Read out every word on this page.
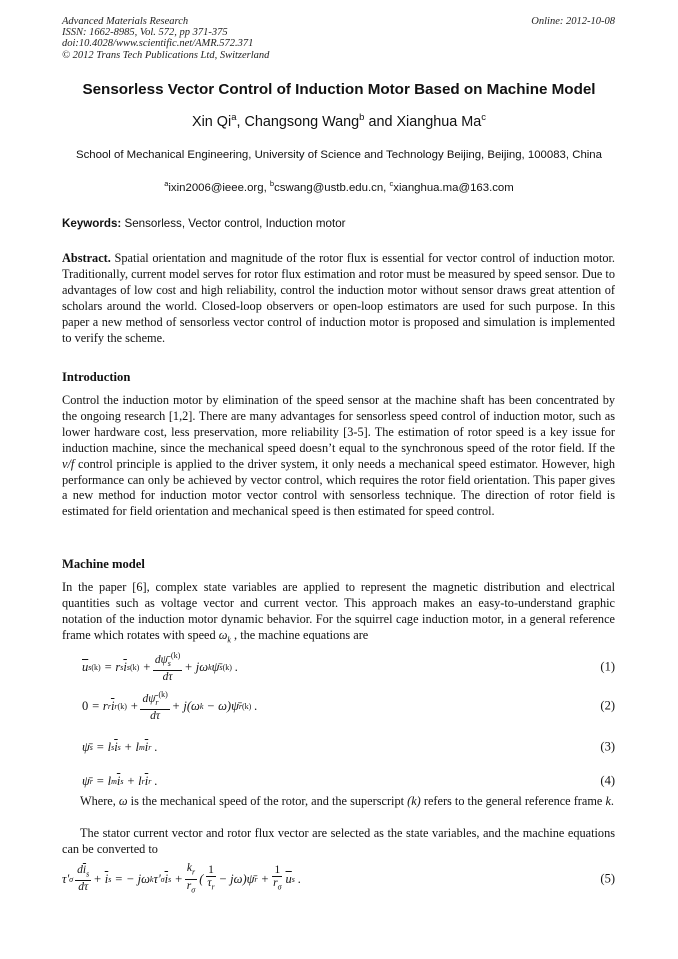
Advanced Materials Research
ISSN: 1662-8985, Vol. 572, pp 371-375
doi:10.4028/www.scientific.net/AMR.572.371
© 2012 Trans Tech Publications Ltd, Switzerland
Online: 2012-10-08
Sensorless Vector Control of Induction Motor Based on Machine Model
Xin Qi$^a$, Changsong Wang$^b$ and Xianghua Ma$^c$
School of Mechanical Engineering, University of Science and Technology Beijing, Beijing, 100083, China
$^a$ixin2006@ieee.org, $^b$cswang@ustb.edu.cn, $^c$xianghua.ma@163.com
Keywords: Sensorless, Vector control, Induction motor
Abstract. Spatial orientation and magnitude of the rotor flux is essential for vector control of induction motor. Traditionally, current model serves for rotor flux estimation and rotor must be measured by speed sensor. Due to advantages of low cost and high reliability, control the induction motor without sensor draws great attention of scholars around the world. Closed-loop observers or open-loop estimators are used for such purpose. In this paper a new method of sensorless vector control of induction motor is proposed and simulation is implemented to verify the scheme.
Introduction
Control the induction motor by elimination of the speed sensor at the machine shaft has been concentrated by the ongoing research [1,2]. There are many advantages for sensorless speed control of induction motor, such as lower hardware cost, less preservation, more reliability [3-5]. The estimation of rotor speed is a key issue for induction machine, since the mechanical speed doesn’t equal to the synchronous speed of the rotor field. If the v/f control principle is applied to the driver system, it only needs a mechanical speed estimator. However, high performance can only be achieved by vector control, which requires the rotor field orientation. This paper gives a new method for induction motor vector control with sensorless technique. The direction of rotor field is estimated for field orientation and mechanical speed is then estimated for speed control.
Machine model
In the paper [6], complex state variables are applied to represent the magnetic distribution and electrical quantities such as voltage vector and current vector. This approach makes an easy-to-understand graphic notation of the induction motor dynamic behavior. For the squirrel cage induction motor, in a general reference frame which rotates with speed $\omega_k$ , the machine equations are
$\overline{u}$ s (k) = r s $\overline{i}$ s $(k) + \frac{d\psī_s^{(k)}}{d\tau} + j\omega$ k ψ̄ s (k) .	(1)
0 = r r $\overline{i}$ r $(k) + \frac{d\psī_r^{(k)}}{d\tau} + j(\omega$ k − ω)ψ̄ r (k) .	(2)
ψ̄ s = l s $\overline{i}$ s + l m $\overline{i}$ r .	(3)
ψ̄ r = l m $\overline{i}$ s + l r $\overline{i}$ r .	(4)
Where, ω is the mechanical speed of the rotor, and the superscript (k) refers to the general reference frame k.
The stator current vector and rotor flux vector are selected as the state variables, and the machine equations can be converted to
τ' σ $\frac{d\overline{i}_s}{d\tau} + \overline{i}$ s = − jω k τ' σ $\overline{i}$ $s + \frac{k_r}{r_\sigma}$ ( $\frac{1}{\tau_r}$ − jω)ψ̄ $r + \frac{1}{r_\sigma} \overline{u}$ s .	(5)
